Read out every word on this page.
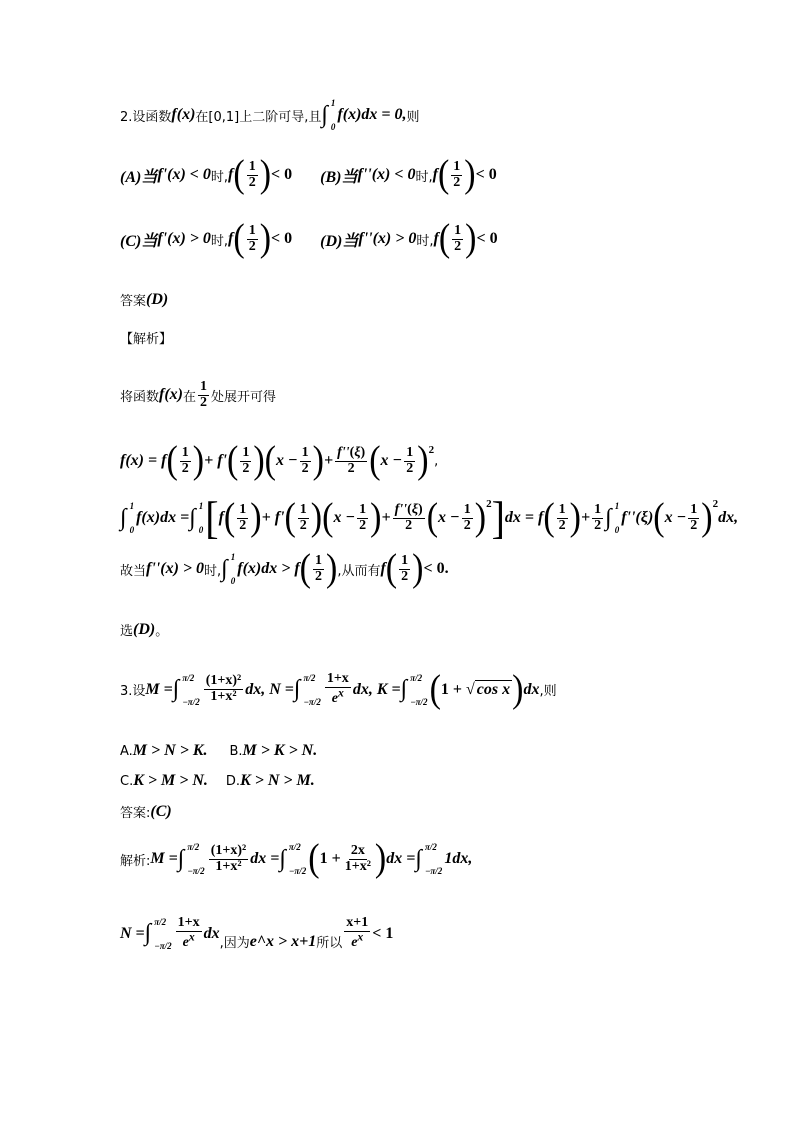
2.设函数 f(x) 在[0,1]上二阶可导,且 ∫ 1
0
f(x)dx = 0, 则
(A)当 f'(x) < 0 时, f ( $\frac{1}{2}$ ) < 0 (B)当 f''(x) < 0 时, f ( $\frac{1}{2}$ ) < 0
(C)当 f'(x) > 0 时, f ( $\frac{1}{2}$ ) < 0 (D)当 f''(x) > 0 时, f ( $\frac{1}{2}$ ) < 0
答案 (D)
【解析】
将函数 f(x) 在 $\frac{1}{2}$ 处展开可得
f(x) = f ( $\frac{1}{2}$ ) + f' ( $\frac{1}{2}$ ) ( $x - \frac{1}{2}$ ) + $\frac{f''(\xi)}{2}$ ( $x - \frac{1}{2} )^2$
,
∫ 1
0
f(x)dx = ∫ 1
0 [ f ( $\frac{1}{2}$ ) + f' ( $\frac{1}{2}$ ) ( $x - \frac{1}{2}$ ) + $\frac{f''(\xi)}{2}$ ( $x - \frac{1}{2} )^2$ ] dx = f ( $\frac{1}{2}$ ) + $\frac{1}{2}$ ∫ 1
0
f''(ξ) ( $x - \frac{1}{2} )^2$
dx,
故当 f''(x) > 0 时, ∫ 1
0
f(x)dx > f ( $\frac{1}{2}$ ) ,从而有 f ( $\frac{1}{2}$ ) < 0.
选 (D) 。
3.设 M = ∫ π/2
$-\pi/2 \frac{\text{(1+x)²}}{\text{1+x²}}$ dx, N = ∫ π/2
$-\pi/2 \frac{1+x}{e^x}$ dx, K = ∫ π/2
−π/2 ( 1 + √ cos x ) dx ,则
A. M > N > K. B. M > K > N.
C. K > M > N. D. K > N > M.
答案: (C)
解析: M = ∫ π/2
$-\pi/2 \frac{\text{(1+x)²}}{\text{1+x²}}$ dx = ∫ π/2
−π/2 ( $1 + \frac{2x}{\text{1+x²}}$ ) dx = ∫ π/2
−π/2
1dx,
N = ∫ π/2
$-\pi/2 \frac{1+x}{e^x}$ dx
,因为 e^x > x+1 所以 $\frac{x+1}{e^x} < 1$
